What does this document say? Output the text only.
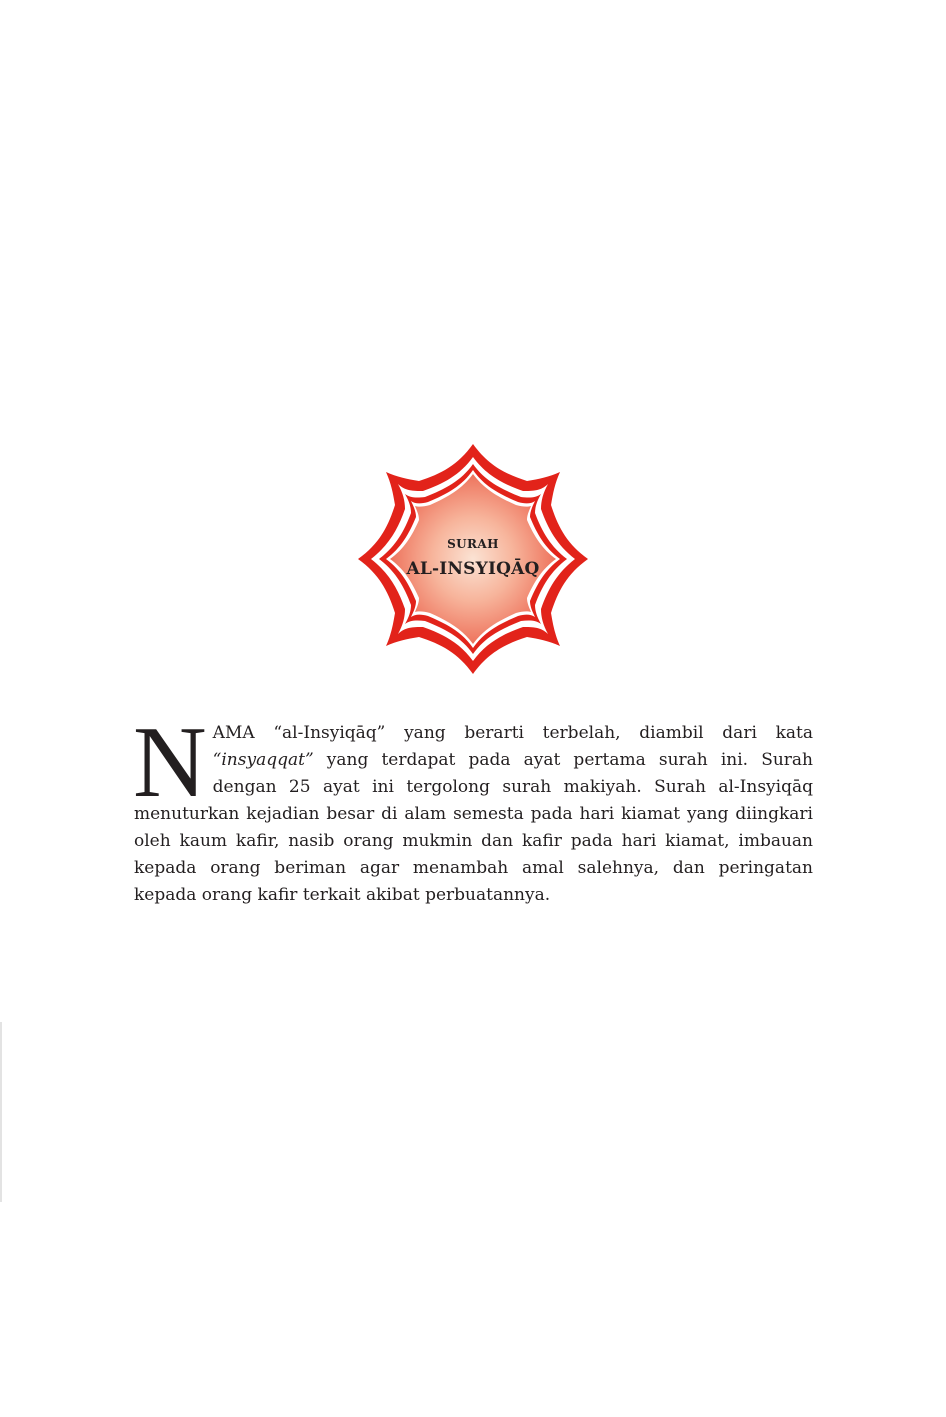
SURAH
AL-INSYIQĀQ
NAMA “al-Insyiqāq” yang berarti terbelah, diambil dari kata “insyaqqat” yang terdapat pada ayat pertama surah ini. Surah dengan 25 ayat ini tergolong surah makiyah. Surah al-Insyiqāq menuturkan kejadian besar di alam semesta pada hari kiamat yang diingkari oleh kaum kafir, nasib orang mukmin dan kafir pada hari kiamat, imbauan kepada orang beriman agar menambah amal salehnya, dan peringatan kepada orang kafir terkait akibat perbuatannya.
